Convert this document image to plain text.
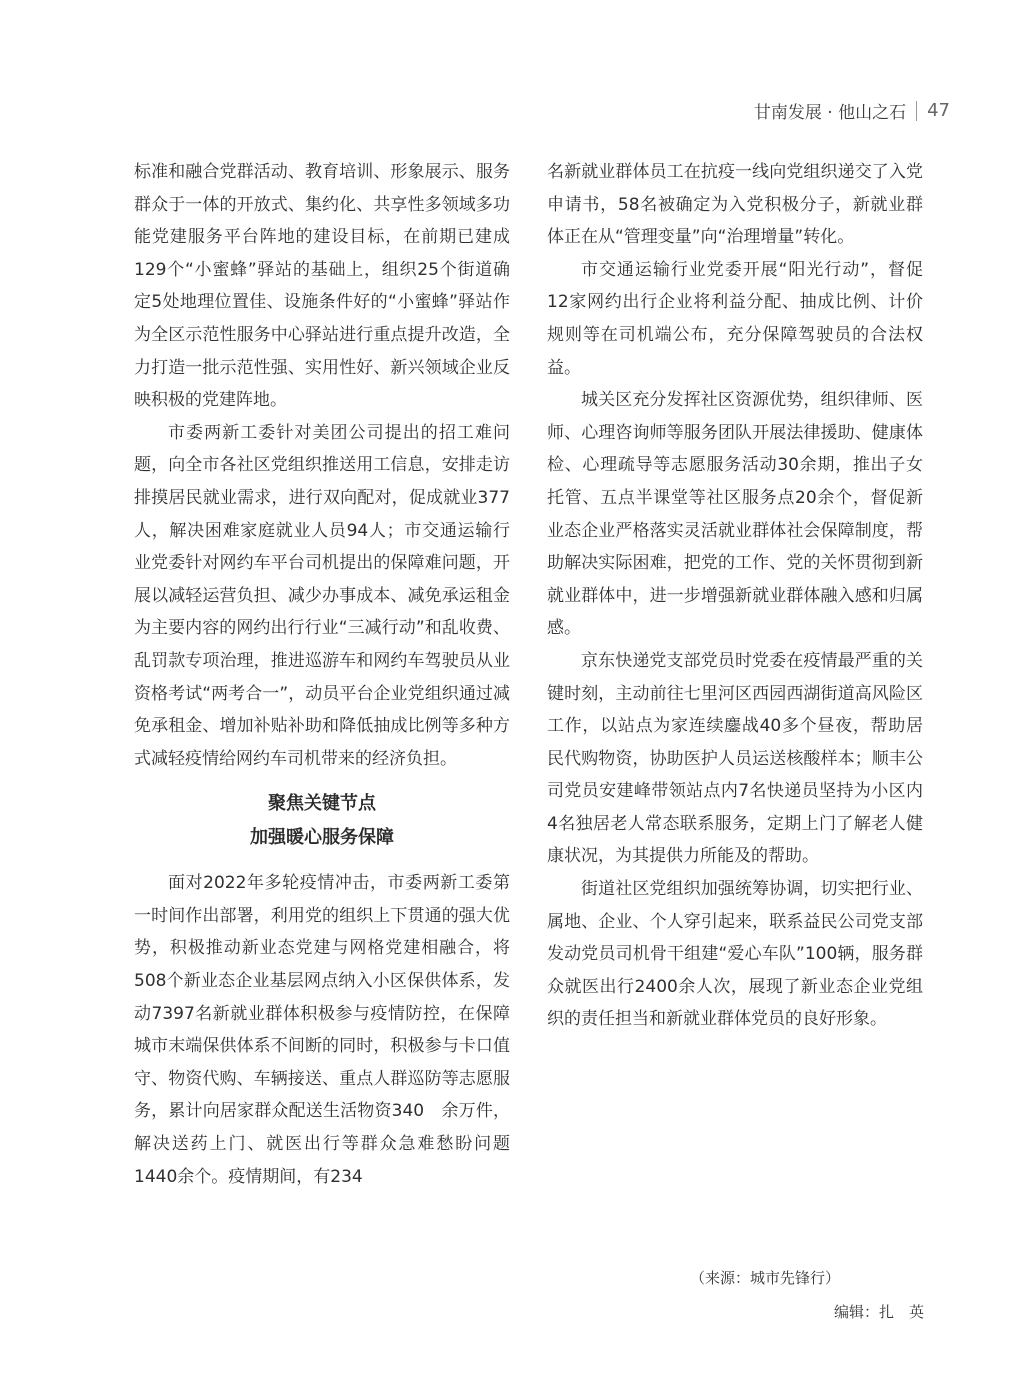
甘南发展 · 他山之石 47

标准和融合党群活动、教育培训、形象展示、服务群众于一体的开放式、集约化、共享性多领域多功能党建服务平台阵地的建设目标，在前期已建成129个“小蜜蜂”驿站的基础上，组织25个街道确定5处地理位置佳、设施条件好的“小蜜蜂”驿站作为全区示范性服务中心驿站进行重点提升改造，全力打造一批示范性强、实用性好、新兴领域企业反映积极的党建阵地。

市委两新工委针对美团公司提出的招工难问题，向全市各社区党组织推送用工信息，安排走访排摸居民就业需求，进行双向配对，促成就业377人，解决困难家庭就业人员94人；市交通运输行业党委针对网约车平台司机提出的保障难问题，开展以减轻运营负担、减少办事成本、减免承运租金为主要内容的网约出行行业“三减行动”和乱收费、乱罚款专项治理，推进巡游车和网约车驾驶员从业资格考试“两考合一”，动员平台企业党组织通过减免承租金、增加补贴补助和降低抽成比例等多种方式减轻疫情给网约车司机带来的经济负担。

聚焦关键节点
加强暖心服务保障

面对2022年多轮疫情冲击，市委两新工委第一时间作出部署，利用党的组织上下贯通的强大优势，积极推动新业态党建与网格党建相融合，将508个新业态企业基层网点纳入小区保供体系，发动7397名新就业群体积极参与疫情防控，在保障城市末端保供体系不间断的同时，积极参与卡口值守、物资代购、车辆接送、重点人群巡防等志愿服务，累计向居家群众配送生活物资340　余万件，解决送药上门、就医出行等群众急难愁盼问题1440余个。疫情期间，有234

名新就业群体员工在抗疫一线向党组织递交了入党申请书，58名被确定为入党积极分子，新就业群体正在从“管理变量”向“治理增量”转化。

市交通运输行业党委开展“阳光行动”，督促12家网约出行企业将利益分配、抽成比例、计价规则等在司机端公布，充分保障驾驶员的合法权益。

城关区充分发挥社区资源优势，组织律师、医师、心理咨询师等服务团队开展法律援助、健康体检、心理疏导等志愿服务活动30余期，推出子女托管、五点半课堂等社区服务点20余个，督促新业态企业严格落实灵活就业群体社会保障制度，帮助解决实际困难，把党的工作、党的关怀贯彻到新就业群体中，进一步增强新就业群体融入感和归属感。

京东快递党支部党员时党委在疫情最严重的关键时刻，主动前往七里河区西园西湖街道高风险区工作，以站点为家连续鏖战40多个昼夜，帮助居民代购物资，协助医护人员运送核酸样本；顺丰公司党员安建峰带领站点内7名快递员坚持为小区内4名独居老人常态联系服务，定期上门了解老人健康状况，为其提供力所能及的帮助。

街道社区党组织加强统筹协调，切实把行业、属地、企业、个人穿引起来，联系益民公司党支部发动党员司机骨干组建“爱心车队”100辆，服务群众就医出行2400余人次，展现了新业态企业党组织的责任担当和新就业群体党员的良好形象。

（来源：城市先锋行）
编辑：扎　英
